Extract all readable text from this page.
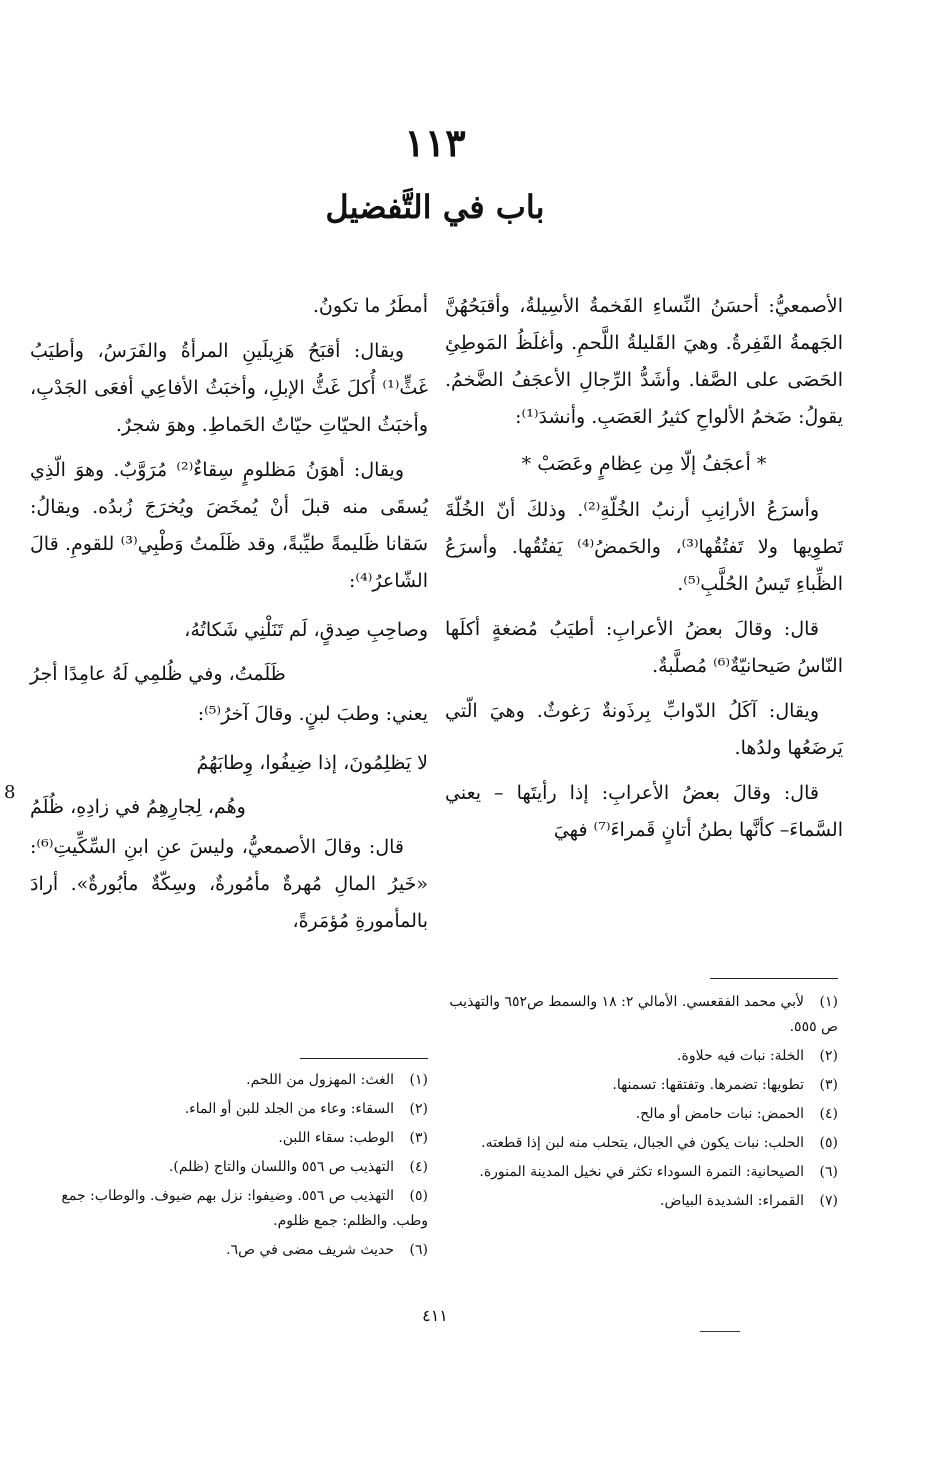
١١٣
باب في التَّفضيل

الأصمعيُّ: أحسَنُ النِّساءِ الفَخمةُ الأسِيلةُ، وأقبَحُهُنَّ الجَهمةُ القَفِرةُ. وهيَ القَليلةُ اللَّحمِ. وأغلَظُ المَوطِئِ الحَصَى على الصَّفا. وأشَدُّ الرِّجالِ الأعجَفُ الضَّخمُ. يقولُ: ضَخمُ الألواحِ كثيرُ العَصَبِ. وأنشدَ⁽¹⁾:

* أعجَفُ إلّا مِن عِظامٍ وعَصَبْ *

وأسرَعُ الأرانِبِ أرنبُ الخُلّةِ⁽²⁾. وذلكَ أنّ الخُلّةَ تَطوِيها ولا تَفتُقُها⁽³⁾، والحَمضُ⁽⁴⁾ يَفتُقُها. وأسرَعُ الظِّباءِ تَيسُ الحُلَّبِ⁽⁵⁾.

قال: وقالَ بعضُ الأعرابِ: أطيَبُ مُضغةٍ أكلَها النّاسُ صَيحانيّةٌ⁽⁶⁾ مُصلَّبةٌ.

ويقال: آكَلُ الدّوابِّ بِرذَونةٌ رَغوثٌ. وهيَ الّتي يَرضَعُها ولدُها.

قال: وقالَ بعضُ الأعرابِ: إذا رأيتَها – يعني السَّماءَ– كأنَّها بطنُ أتانٍ قَمراءَ⁽⁷⁾ فهيَ

أمطَرُ ما تكونُ.

ويقال: أقبَحُ هَزِيلَينِ المرأةُ والفَرَسُ، وأطيَبُ غَثٍّ⁽¹⁾ أُكلَ غَثُّ الإبلِ، وأخبَثُ الأفاعِي أفعَى الجَدْبِ، وأخبَثُ الحيّاتِ حيّاتُ الحَماطِ. وهوَ شجرٌ.

ويقال: أهوَنُ مَظلومٍ سِقاءٌ⁽²⁾ مُرَوَّبٌ. وهوَ الّذِي يُسقَى منه قبلَ أنْ يُمخَضَ ويُخرَجَ زُبدُه. ويقالُ: سَقانا ظَليمةً طيِّبةً، وقد ظَلَمتُ وَطْبِي⁽³⁾ للقومِ. قالَ الشّاعرُ⁽⁴⁾:

وصاحِبِ صِدقٍ، لَم تَنَلْنِي شَكاتُهُ،

ظَلَمتُ، وفي ظُلمِي لَهُ عامِدًا أجرُ

يعني: وطبَ لبنٍ. وقالَ آخرُ⁽⁵⁾:

لا يَظلِمُونَ، إذا ضِيفُوا، وِطابَهُمُ

وهُم، لِجارِهِمُ في زادِهِ، ظُلَمُ

قال: وقالَ الأصمعيُّ، وليسَ عنِ ابنِ السِّكِّيتِ⁽⁶⁾: «خَيرُ المالِ مُهرةٌ مأمُورةٌ، وسِكّةٌ مأبُورةٌ». أرادَ بالمأمورةِ مُؤمَرةً،

8
(١)لأبي محمد الفقعسي. الأمالي ٢: ١٨ والسمط ص٦٥٢ والتهذيب ص ٥٥٥.
(٢)الخلة: نبات فيه حلاوة.
(٣)تطويها: تضمرها. وتفتقها: تسمنها.
(٤)الحمض: نبات حامض أو مالح.
(٥)الحلب: نبات يكون في الجبال، يتحلب منه لبن إذا قطعته.
(٦)الصيحانية: التمرة السوداء تكثر في نخيل المدينة المنورة.
(٧)القمراء: الشديدة البياض.
(١)الغث: المهزول من اللحم.
(٢)السقاء: وعاء من الجلد للبن أو الماء.
(٣)الوطب: سقاء اللبن.
(٤)التهذيب ص ٥٥٦ واللسان والتاج (ظلم).
(٥)التهذيب ص ٥٥٦. وضيفوا: نزل بهم ضيوف. والوطاب: جمع وطب. والظلم: جمع ظلوم.
(٦)حديث شريف مضى في ص٦.
٤١١
